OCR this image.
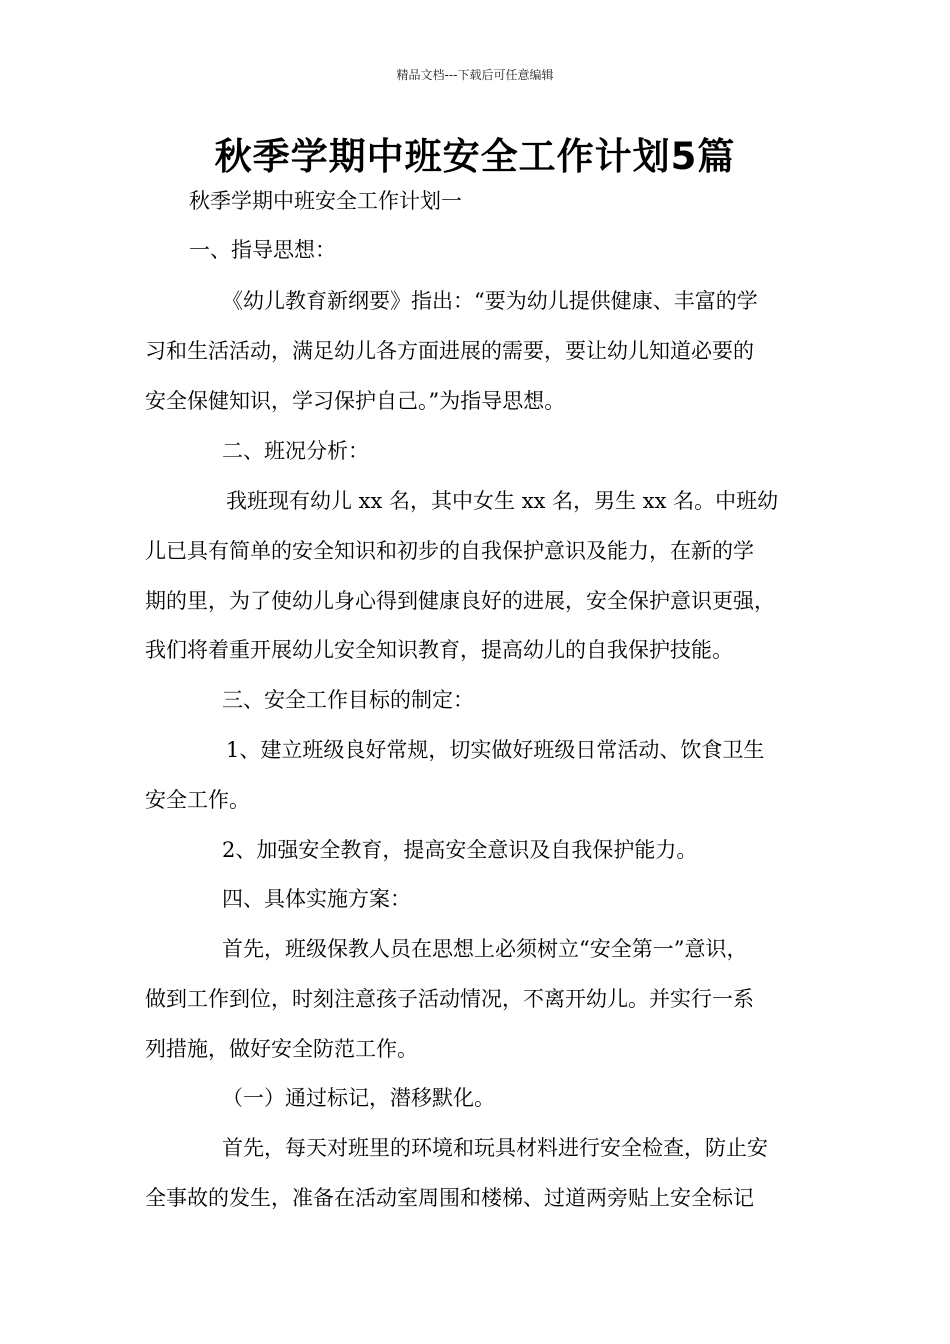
精品文档---下载后可任意编辑
秋季学期中班安全工作计划5篇

秋季学期中班安全工作计划一

一、指导思想：

《幼儿教育新纲要》指出：“要为幼儿提供健康、丰富的学

习和生活活动，满足幼儿各方面进展的需要，要让幼儿知道必要的

安全保健知识，学习保护自己。”为指导思想。

二、班况分析：

我班现有幼儿 xx 名，其中女生 xx 名，男生 xx 名。中班幼

儿已具有简单的安全知识和初步的自我保护意识及能力，在新的学

期的里，为了使幼儿身心得到健康良好的进展，安全保护意识更强，

我们将着重开展幼儿安全知识教育，提高幼儿的自我保护技能。

三、安全工作目标的制定：

1、建立班级良好常规，切实做好班级日常活动、饮食卫生

安全工作。

2、加强安全教育，提高安全意识及自我保护能力。

四、具体实施方案：

首先，班级保教人员在思想上必须树立“安全第一”意识，

做到工作到位，时刻注意孩子活动情况，不离开幼儿。并实行一系

列措施，做好安全防范工作。

（一）通过标记，潜移默化。

首先，每天对班里的环境和玩具材料进行安全检查，防止安

全事故的发生，准备在活动室周围和楼梯、过道两旁贴上安全标记
